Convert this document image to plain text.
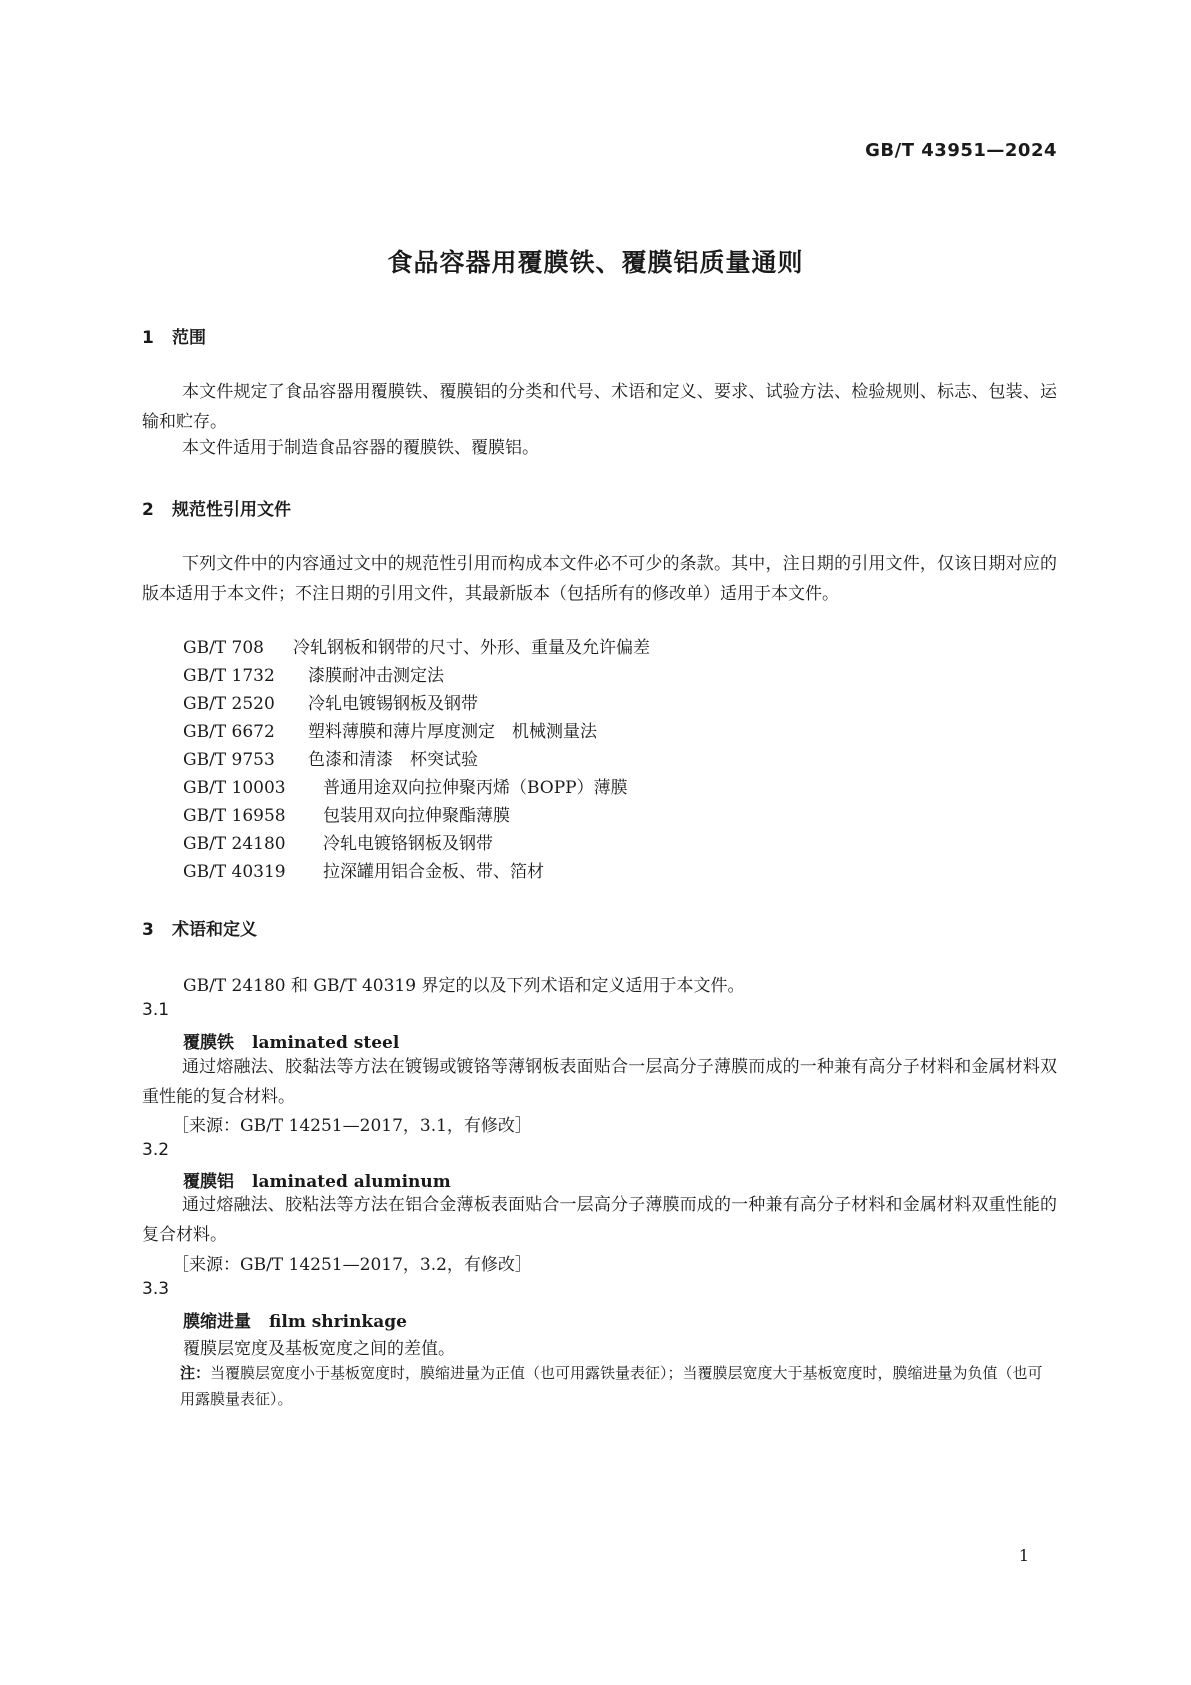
GB/T 43951—2024
食品容器用覆膜铁、覆膜铝质量通则
1 范围
本文件规定了食品容器用覆膜铁、覆膜铝的分类和代号、术语和定义、要求、试验方法、检验规则、标志、包装、运输和贮存。
本文件适用于制造食品容器的覆膜铁、覆膜铝。
2 规范性引用文件
下列文件中的内容通过文中的规范性引用而构成本文件必不可少的条款。其中，注日期的引用文件，仅该日期对应的版本适用于本文件；不注日期的引用文件，其最新版本（包括所有的修改单）适用于本文件。
GB/T 708 冷轧钢板和钢带的尺寸、外形、重量及允许偏差
GB/T 1732 漆膜耐冲击测定法
GB/T 2520 冷轧电镀锡钢板及钢带
GB/T 6672 塑料薄膜和薄片厚度测定　机械测量法
GB/T 9753 色漆和清漆　杯突试验
GB/T 10003 普通用途双向拉伸聚丙烯（BOPP）薄膜
GB/T 16958 包装用双向拉伸聚酯薄膜
GB/T 24180 冷轧电镀铬钢板及钢带
GB/T 40319 拉深罐用铝合金板、带、箔材
3 术语和定义
GB/T 24180 和 GB/T 40319 界定的以及下列术语和定义适用于本文件。
3.1
覆膜铁 laminated steel
通过熔融法、胶黏法等方法在镀锡或镀铬等薄钢板表面贴合一层高分子薄膜而成的一种兼有高分子材料和金属材料双重性能的复合材料。
［来源：GB/T 14251—2017，3.1，有修改］
3.2
覆膜铝 laminated aluminum
通过熔融法、胶粘法等方法在铝合金薄板表面贴合一层高分子薄膜而成的一种兼有高分子材料和金属材料双重性能的复合材料。
［来源：GB/T 14251—2017，3.2，有修改］
3.3
膜缩进量 film shrinkage
覆膜层宽度及基板宽度之间的差值。
注：当覆膜层宽度小于基板宽度时，膜缩进量为正值（也可用露铁量表征）；当覆膜层宽度大于基板宽度时，膜缩进量为负值（也可用露膜量表征）。
1
